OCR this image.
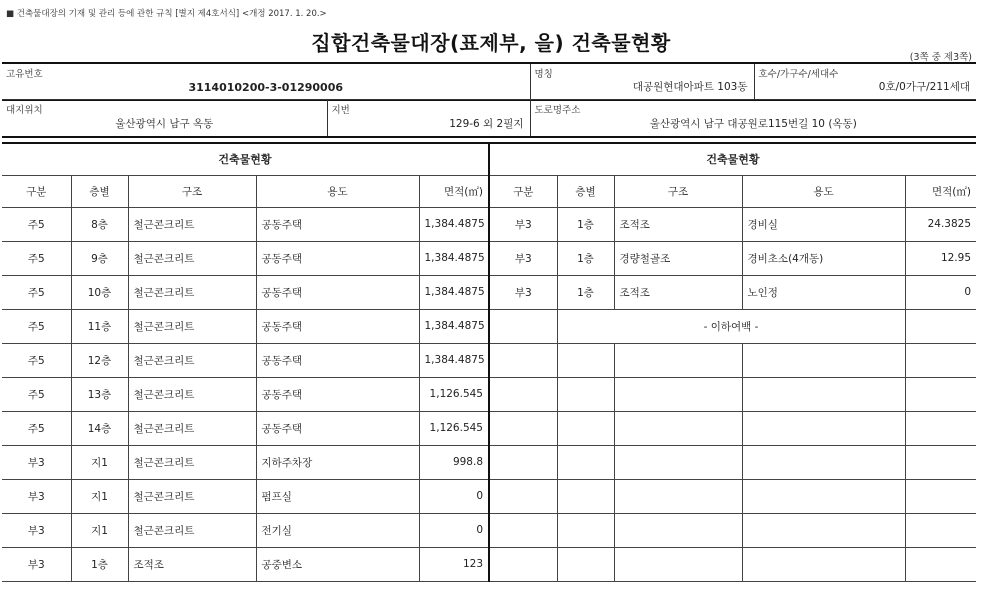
■ 건축물대장의 기재 및 관리 등에 관한 규칙 [별지 제4호서식] <개정 2017. 1. 20.>
집합건축물대장(표제부, 을) 건축물현황
(3쪽 중 제3쪽)
고유번호
3114010200-3-01290006

명칭
대공원현대아파트 103동

호수/가구수/세대수
0호/0가구/211세대
대지위치
울산광역시 남구 옥동

지번
129-6 외 2필지

도로명주소
울산광역시 남구 대공원로115번길 10 (옥동)
건축물현황					건축물현황				
구분	층별	구조	용도	면적(㎡)	구분	층별	구조	용도	면적(㎡)
주5	8층	철근콘크리트	공동주택	1,384.4875	부3	1층	조적조	경비실	24.3825
주5	9층	철근콘크리트	공동주택	1,384.4875	부3	1층	경량철골조	경비초소(4개동)	12.95
주5	10층	철근콘크리트	공동주택	1,384.4875	부3	1층	조적조	노인정	0
주5	11층	철근콘크리트	공동주택	1,384.4875		- 이하여백 -			
주5	12층	철근콘크리트	공동주택	1,384.4875					
주5	13층	철근콘크리트	공동주택	1,126.545					
주5	14층	철근콘크리트	공동주택	1,126.545					
부3	지1	철근콘크리트	지하주차장	998.8					
부3	지1	철근콘크리트	펌프실	0					
부3	지1	철근콘크리트	전기실	0					
부3	1층	조적조	공중변소	123					
